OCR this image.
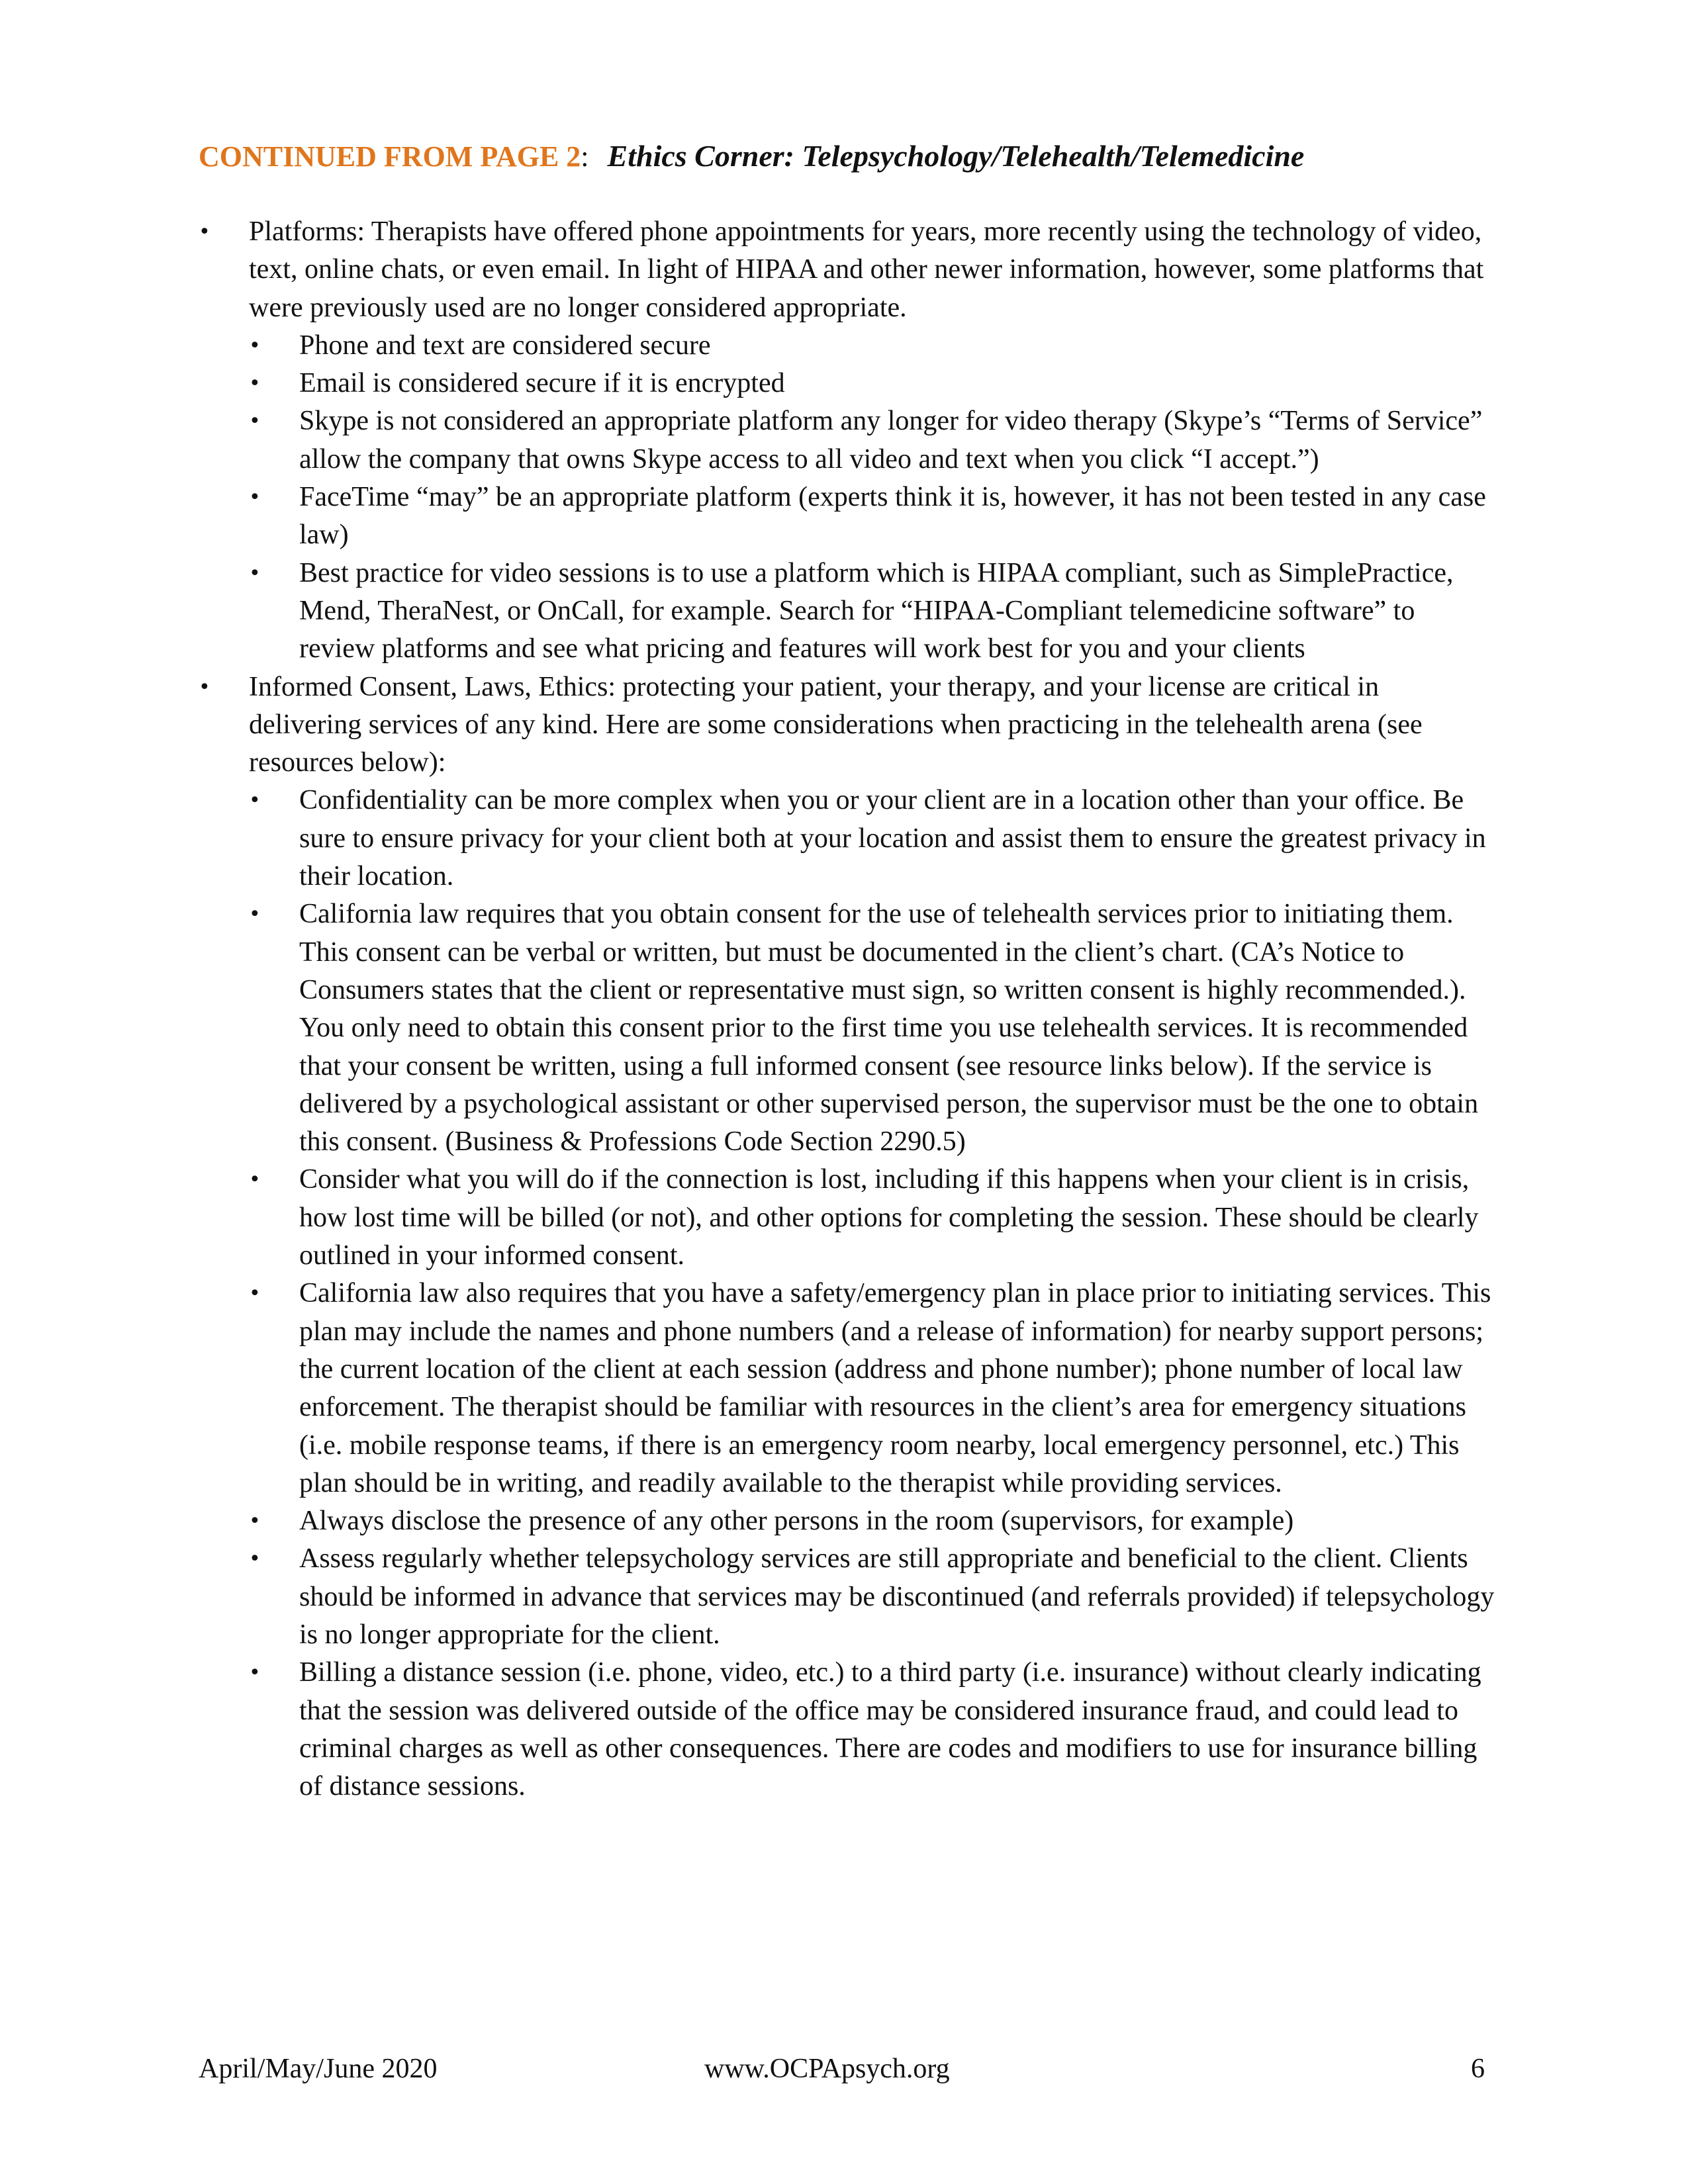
CONTINUED FROM PAGE 2: Ethics Corner: Telepsychology/Telehealth/Telemedicine
•	Platforms: Therapists have offered phone appointments for years, more recently using the technology of video, text, online chats, or even email. In light of HIPAA and other newer information, however, some platforms that were previously used are no longer considered appropriate.
•	Phone and text are considered secure
•	Email is considered secure if it is encrypted
•	Skype is not considered an appropriate platform any longer for video therapy (Skype’s “Terms of Service” allow the company that owns Skype access to all video and text when you click “I accept.”)
•	FaceTime “may” be an appropriate platform (experts think it is, however, it has not been tested in any case law)
•	Best practice for video sessions is to use a platform which is HIPAA compliant, such as SimplePractice, Mend, TheraNest, or OnCall, for example. Search for “HIPAA-Compliant telemedicine software” to review platforms and see what pricing and features will work best for you and your clients
•	Informed Consent, Laws, Ethics: protecting your patient, your therapy, and your license are critical in delivering services of any kind. Here are some considerations when practicing in the telehealth arena (see resources below):
•	Confidentiality can be more complex when you or your client are in a location other than your office. Be sure to ensure privacy for your client both at your location and assist them to ensure the greatest privacy in their location.
•	California law requires that you obtain consent for the use of telehealth services prior to initiating them. This consent can be verbal or written, but must be documented in the client’s chart. (CA’s Notice to Consumers states that the client or representative must sign, so written consent is highly recommended.). You only need to obtain this consent prior to the first time you use telehealth services. It is recommended that your consent be written, using a full informed consent (see resource links below). If the service is delivered by a psychological assistant or other supervised person, the supervisor must be the one to obtain this consent. (Business & Professions Code Section 2290.5)
•	Consider what you will do if the connection is lost, including if this happens when your client is in crisis, how lost time will be billed (or not), and other options for completing the session. These should be clearly outlined in your informed consent.
•	California law also requires that you have a safety/emergency plan in place prior to initiating services. This plan may include the names and phone numbers (and a release of information) for nearby support persons; the current location of the client at each session (address and phone number); phone number of local law enforcement. The therapist should be familiar with resources in the client’s area for emergency situations (i.e. mobile response teams, if there is an emergency room nearby, local emergency personnel, etc.) This plan should be in writing, and readily available to the therapist while providing services.
•	Always disclose the presence of any other persons in the room (supervisors, for example)
•	Assess regularly whether telepsychology services are still appropriate and beneficial to the client. Clients should be informed in advance that services may be discontinued (and referrals provided) if telepsychology is no longer appropriate for the client.
•	Billing a distance session (i.e. phone, video, etc.) to a third party (i.e. insurance) without clearly indicating that the session was delivered outside of the office may be considered insurance fraud, and could lead to criminal charges as well as other consequences. There are codes and modifiers to use for insurance billing of distance sessions.
April/May/June 2020	www.OCPApsych.org	6
